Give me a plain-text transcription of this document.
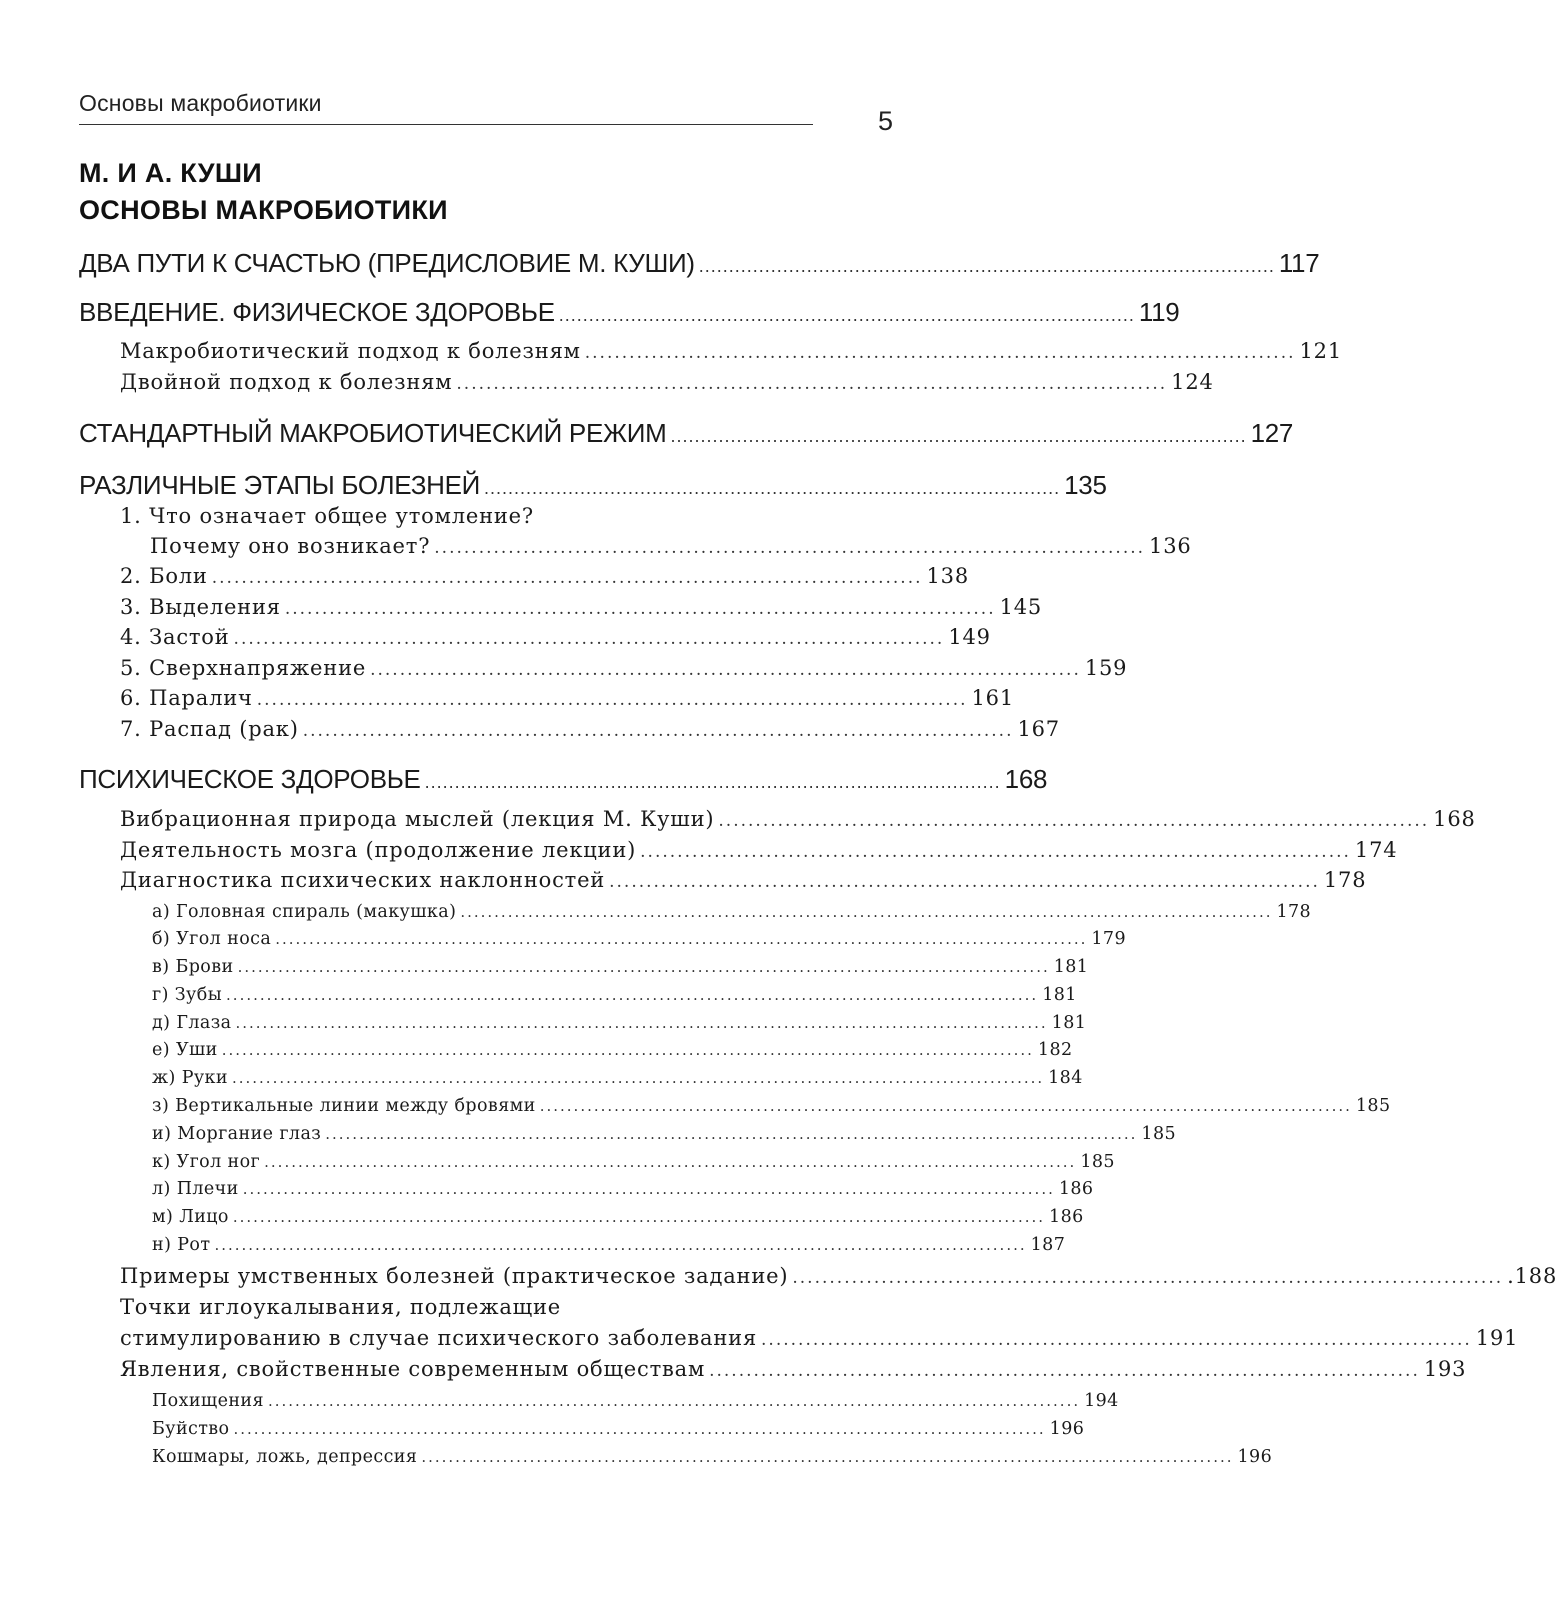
Основы макробиотики
5
М. И А. КУШИ
ОСНОВЫ МАКРОБИОТИКИ
ДВА ПУТИ К СЧАСТЬЮ (ПРЕДИСЛОВИЕ М. КУШИ) ................................................................................................ 117
ВВЕДЕНИЕ. ФИЗИЧЕСКОЕ ЗДОРОВЬЕ ................................................................................................ 119
Макробиотический подход к болезням ................................................................................................ 121
Двойной подход к болезням ................................................................................................ 124
СТАНДАРТНЫЙ МАКРОБИОТИЧЕСКИЙ РЕЖИМ ................................................................................................ 127
РАЗЛИЧНЫЕ ЭТАПЫ БОЛЕЗНЕЙ ................................................................................................ 135
1. Что означает общее утомление?
Почему оно возникает? ................................................................................................ 136
2. Боли ................................................................................................ 138
3. Выделения ................................................................................................ 145
4. Застой ................................................................................................ 149
5. Сверхнапряжение ................................................................................................ 159
6. Паралич ................................................................................................ 161
7. Распад (рак) ................................................................................................ 167
ПСИХИЧЕСКОЕ ЗДОРОВЬЕ ................................................................................................ 168
Вибрационная природа мыслей (лекция М. Куши) ................................................................................................ 168
Деятельность мозга (продолжение лекции) ................................................................................................ 174
Диагностика психических наклонностей ................................................................................................ 178
а) Головная спираль (макушка) ........................................................................................................................ 178
б) Угол носа ........................................................................................................................ 179
в) Брови ........................................................................................................................ 181
г) Зубы ........................................................................................................................ 181
д) Глаза ........................................................................................................................ 181
е) Уши ........................................................................................................................ 182
ж) Руки ........................................................................................................................ 184
з) Вертикальные линии между бровями ........................................................................................................................ 185
и) Моргание глаз ........................................................................................................................ 185
к) Угол ног ........................................................................................................................ 185
л) Плечи ........................................................................................................................ 186
м) Лицо ........................................................................................................................ 186
н) Рот ........................................................................................................................ 187
Примеры умственных болезней (практическое задание) ................................................................................................ .188
Точки иглоукалывания, подлежащие
стимулированию в случае психического заболевания ................................................................................................ 191
Явления, свойственные современным обществам ................................................................................................ 193
Похищения ........................................................................................................................ 194
Буйство ........................................................................................................................ 196
Кошмары, ложь, депрессия ........................................................................................................................ 196
